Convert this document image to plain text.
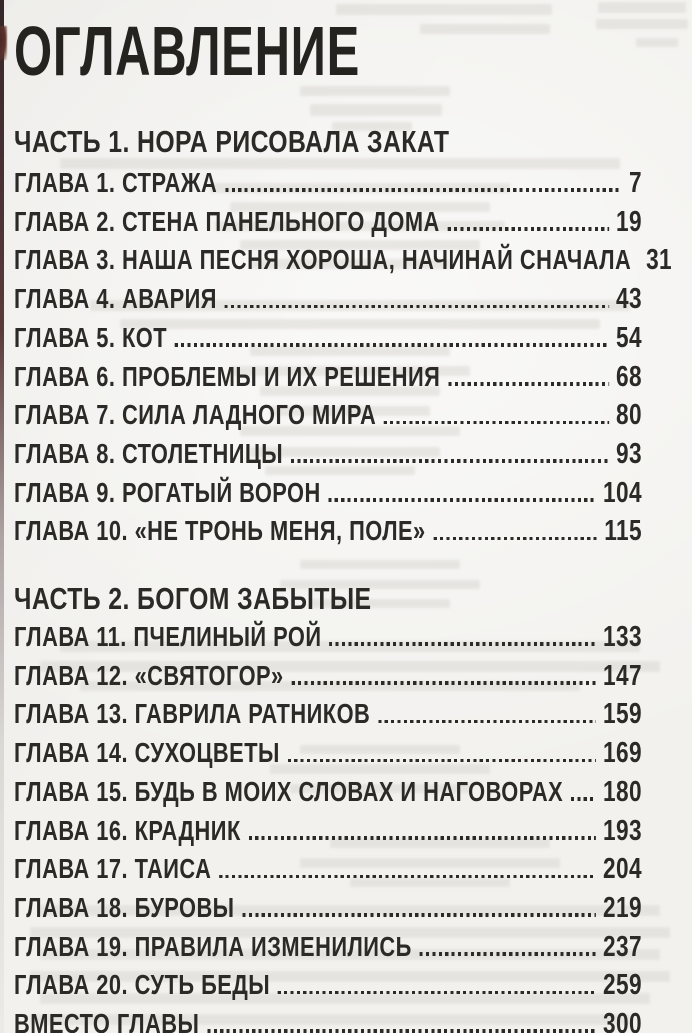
ОГЛАВЛЕНИЕ
ЧАСТЬ 1. НОРА РИСОВАЛА ЗАКАТ
ГЛАВА 1. СТРАЖА	7
ГЛАВА 2. СТЕНА ПАНЕЛЬНОГО ДОМА	19
ГЛАВА 3. НАША ПЕСНЯ ХОРОША, НАЧИНАЙ СНАЧАЛА 31
ГЛАВА 4. АВАРИЯ	43
ГЛАВА 5. КОТ	54
ГЛАВА 6. ПРОБЛЕМЫ И ИХ РЕШЕНИЯ	68
ГЛАВА 7. СИЛА ЛАДНОГО МИРА	80
ГЛАВА 8. СТОЛЕТНИЦЫ	93
ГЛАВА 9. РОГАТЫЙ ВОРОН	104
ГЛАВА 10. «НЕ ТРОНЬ МЕНЯ, ПОЛЕ»	115
ЧАСТЬ 2. БОГОМ ЗАБЫТЫЕ
ГЛАВА 11. ПЧЕЛИНЫЙ РОЙ	133
ГЛАВА 12. «СВЯТОГОР»	147
ГЛАВА 13. ГАВРИЛА РАТНИКОВ	159
ГЛАВА 14. СУХОЦВЕТЫ	169
ГЛАВА 15. БУДЬ В МОИХ СЛОВАХ И НАГОВОРАХ 180
ГЛАВА 16. КРАДНИК	193
ГЛАВА 17. ТАИСА	204
ГЛАВА 18. БУРОВЫ	219
ГЛАВА 19. ПРАВИЛА ИЗМЕНИЛИСЬ	237
ГЛАВА 20. СУТЬ БЕДЫ	259
ВМЕСТО ГЛАВЫ	300
